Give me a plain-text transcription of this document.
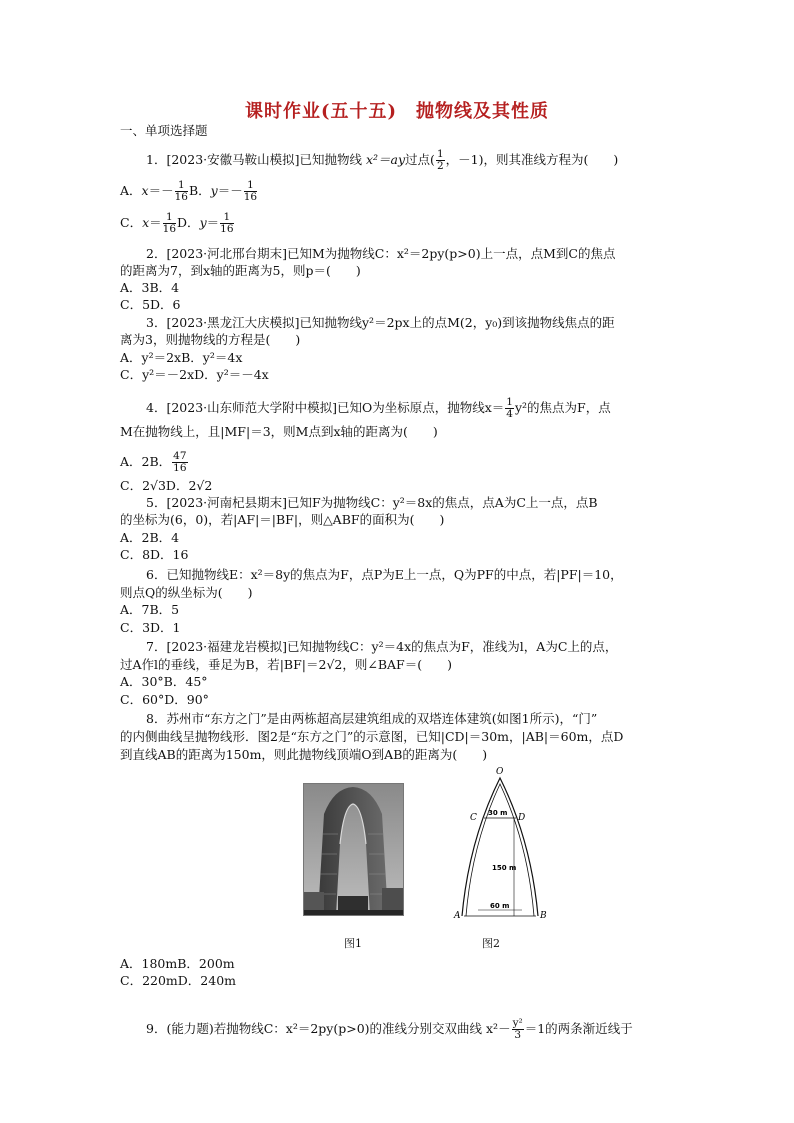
课时作业(五十五)　抛物线及其性质
一、单项选择题
1．[2023·安徽马鞍山模拟]已知抛物线 x²＝ay过点( $\frac{1}{2}$ ，－1)，则其准线方程为(　　)
A．$x=- \frac{1}{16}$ B．$y=- \frac{1}{16}$
C．$x= \frac{1}{16}$ D．$y= \frac{1}{16}$
2．[2023·河北邢台期末]已知M为抛物线C：x²＝2py(p>0)上一点，点M到C的焦点
的距离为7，到x轴的距离为5，则p＝(　　)
A．3B．4
C．5D．6
3．[2023·黑龙江大庆模拟]已知抛物线y²＝2px上的点M(2，y₀)到该抛物线焦点的距
离为3，则抛物线的方程是(　　)
A．y²＝2xB．y²＝4x
C．y²＝－2xD．y²＝－4x
4．[2023·山东师范大学附中模拟]已知O为坐标原点，抛物线$x= \frac{1}{4} y^2$的焦点为F，点
M在抛物线上，且|MF|＝3，则M点到x轴的距离为(　　)
A．2B． $\frac{47}{16}$
C．2√3D．2√2
5．[2023·河南杞县期末]已知F为抛物线C：y²＝8x的焦点，点A为C上一点，点B
的坐标为(6，0)，若|AF|＝|BF|，则△ABF的面积为(　　)
A．2B．4
C．8D．16
6．已知抛物线E：x²＝8y的焦点为F，点P为E上一点，Q为PF的中点，若|PF|＝10，
则点Q的纵坐标为(　　)
A．7B．5
C．3D．1
7．[2023·福建龙岩模拟]已知抛物线C：y²＝4x的焦点为F，准线为l，A为C上的点，
过A作l的垂线，垂足为B，若|BF|＝2√2，则∠BAF＝(　　)
A．30°B．45°
C．60°D．90°
8．苏州市“东方之门”是由两栋超高层建筑组成的双塔连体建筑(如图1所示)，“门”
的内侧曲线呈抛物线形．图2是“东方之门”的示意图，已知|CD|＝30m，|AB|＝60m，点D
到直线AB的距离为150m，则此抛物线顶端O到AB的距离为(　　)
图1
O
C	D
A	B
30 m
150 m
60 m
图2
A．180mB．200m
C．220mD．240m
9．(能力题)若抛物线C：x²＝2py(p>0)的准线分别交双曲线 $x^2- \frac{\text{y²}}{3} =1$的两条渐近线于
